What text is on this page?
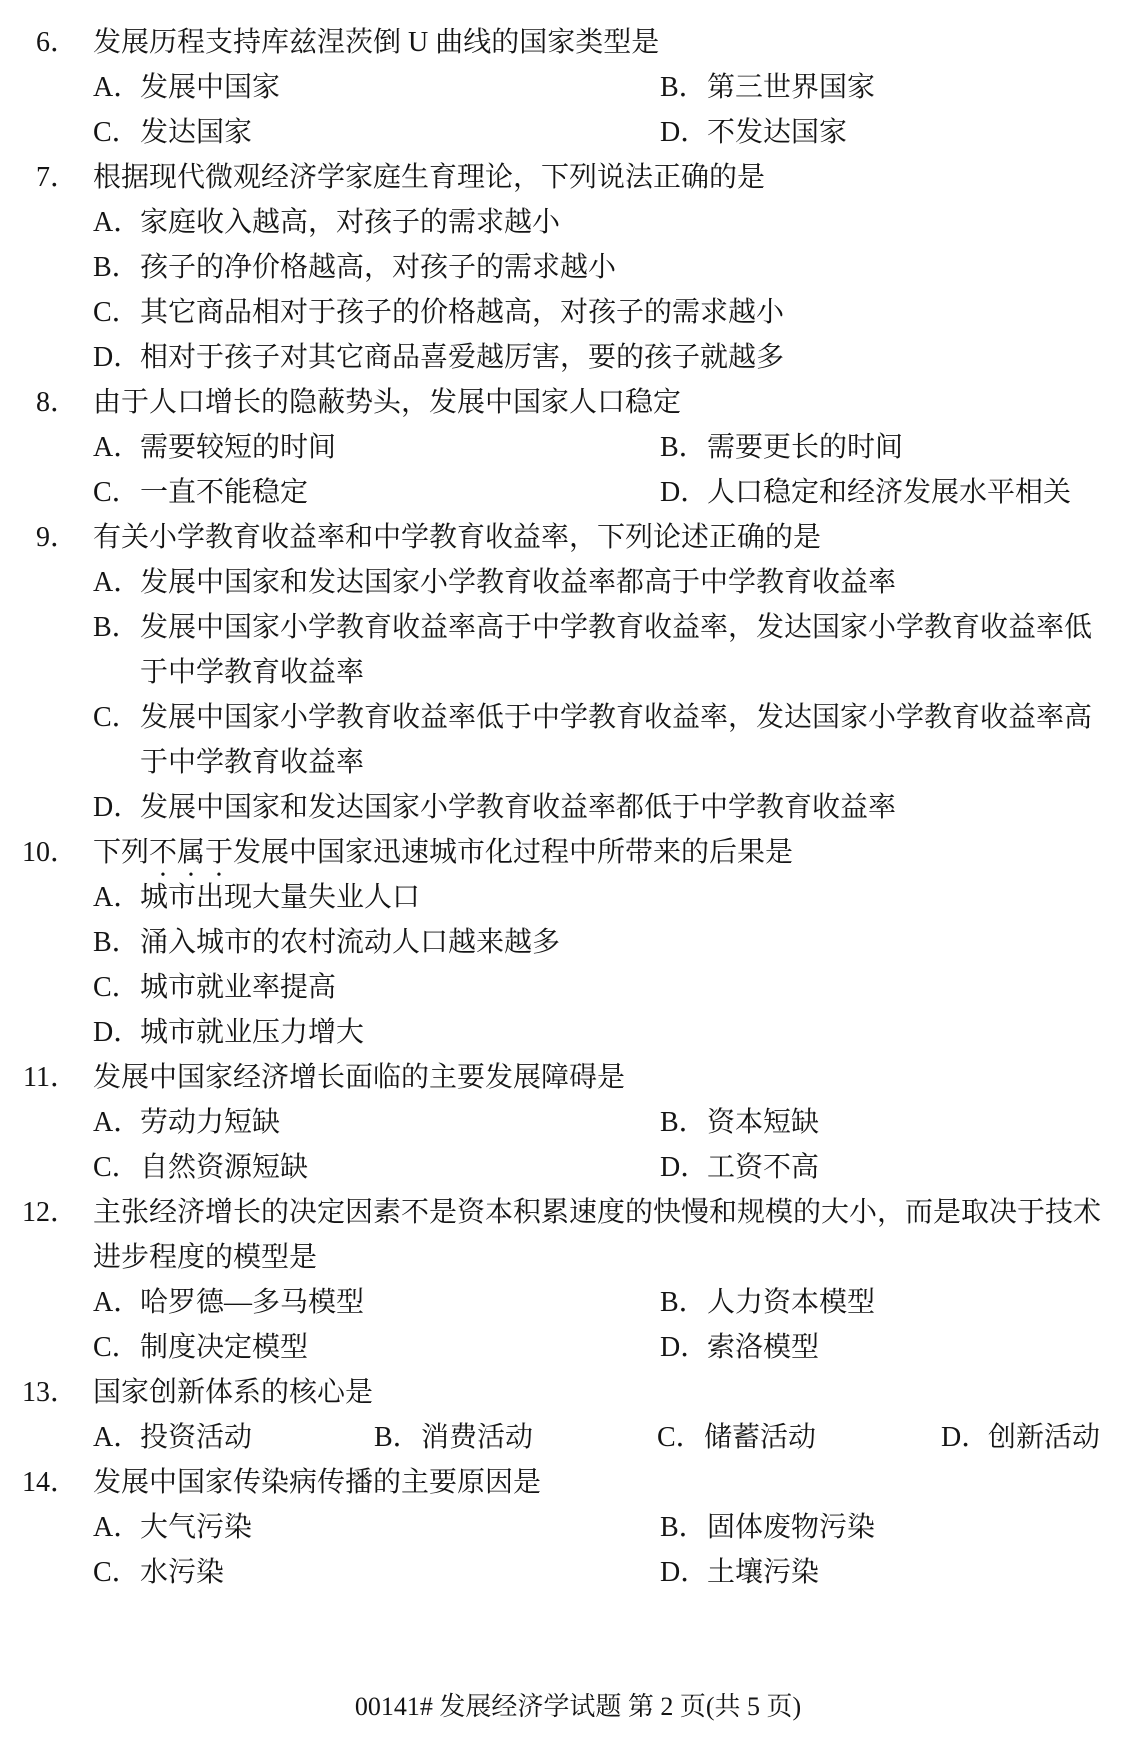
6． 发展历程支持库兹涅茨倒 U 曲线的国家类型是
A．
发展中国家	B． 第三世界国家
C． 发达国家	D．
不发达国家
7． 根据现代微观经济学家庭生育理论，下列说法正确的是
A．
家庭收入越高，对孩子的需求越小
B． 孩子的净价格越高，对孩子的需求越小
C． 其它商品相对于孩子的价格越高，对孩子的需求越小
D．
相对于孩子对其它商品喜爱越厉害，要的孩子就越多
8． 由于人口增长的隐蔽势头，发展中国家人口稳定
A．
需要较短的时间	B． 需要更长的时间
C． 一直不能稳定	D．
人口稳定和经济发展水平相关
9． 有关小学教育收益率和中学教育收益率，下列论述正确的是
A．
发展中国家和发达国家小学教育收益率都高于中学教育收益率
B． 发展中国家小学教育收益率高于中学教育收益率，发达国家小学教育收益率低
于中学教育收益率
C． 发展中国家小学教育收益率低于中学教育收益率，发达国家小学教育收益率高
于中学教育收益率
D．
发展中国家和发达国家小学教育收益率都低于中学教育收益率
10． 下列不属于发展中国家迅速城市化过程中所带来的后果是
A．
城市出现大量失业人口
B． 涌入城市的农村流动人口越来越多
C． 城市就业率提高
D．
城市就业压力增大
11． 发展中国家经济增长面临的主要发展障碍是
A．
劳动力短缺	B． 资本短缺
C． 自然资源短缺	D．
工资不高
12． 主张经济增长的决定因素不是资本积累速度的快慢和规模的大小，而是取决于技术
进步程度的模型是
A．
哈罗德—多马模型	B． 人力资本模型
C． 制度决定模型	D．
索洛模型
13． 国家创新体系的核心是
A．
投资活动	B． 消费活动	C． 储蓄活动	D．
创新活动
14． 发展中国家传染病传播的主要原因是
A．
大气污染	B． 固体废物污染
C． 水污染	D．
土壤污染
00141# 发展经济学试题 第 2 页(共 5 页)
